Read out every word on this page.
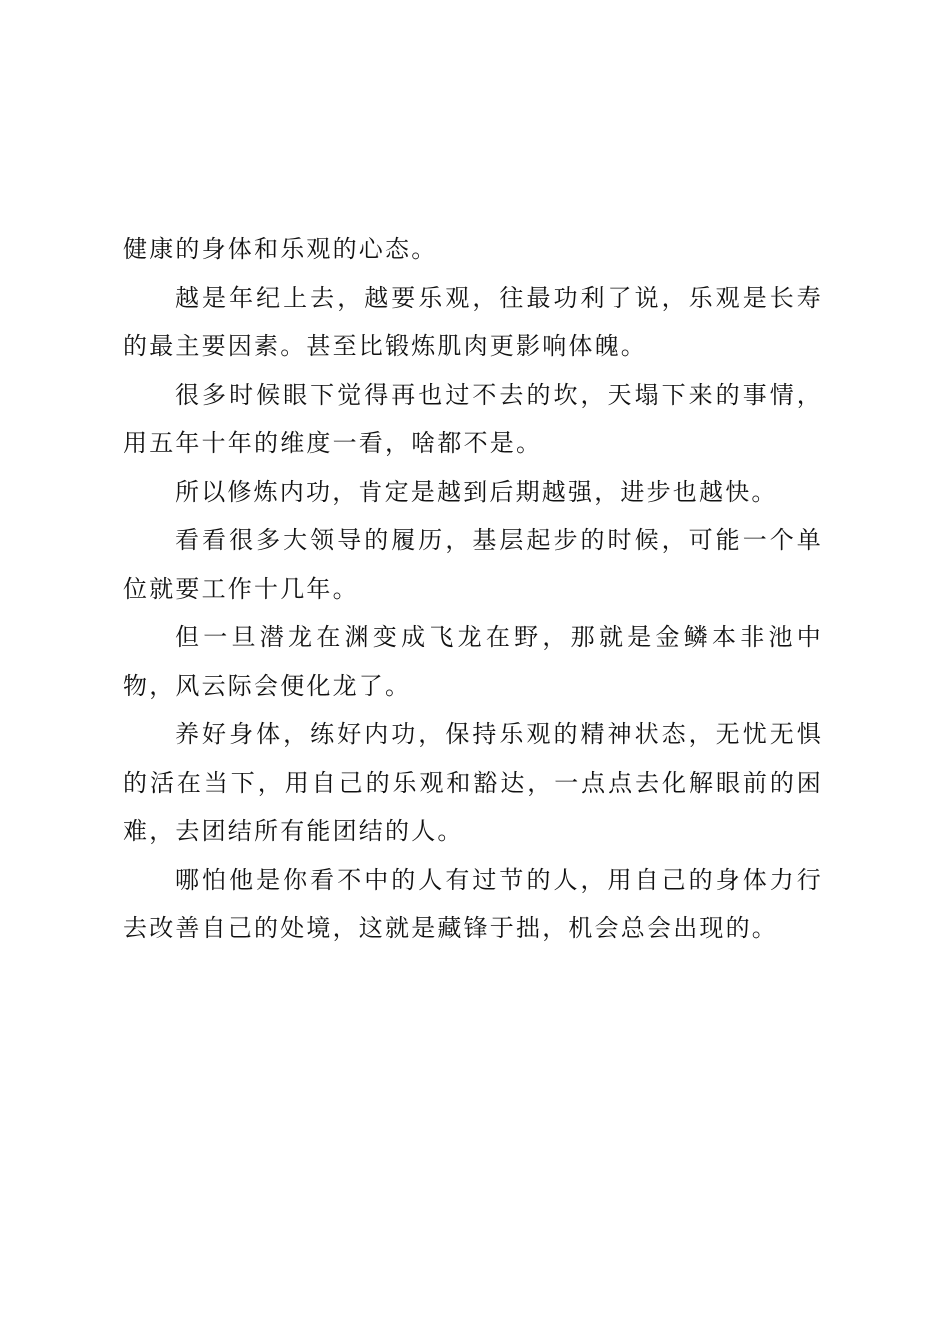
健康的身体和乐观的心态。

越是年纪上去，越要乐观，往最功利了说，乐观是长寿的最主要因素。甚至比锻炼肌肉更影响体魄。

很多时候眼下觉得再也过不去的坎，天塌下来的事情，用五年十年的维度一看，啥都不是。

所以修炼内功，肯定是越到后期越强，进步也越快。

看看很多大领导的履历，基层起步的时候，可能一个单位就要工作十几年。

但一旦潜龙在渊变成飞龙在野，那就是金鳞本非池中物，风云际会便化龙了。

养好身体，练好内功，保持乐观的精神状态，无忧无惧的活在当下，用自己的乐观和豁达，一点点去化解眼前的困难，去团结所有能团结的人。

哪怕他是你看不中的人有过节的人，用自己的身体力行去改善自己的处境，这就是藏锋于拙，机会总会出现的。
